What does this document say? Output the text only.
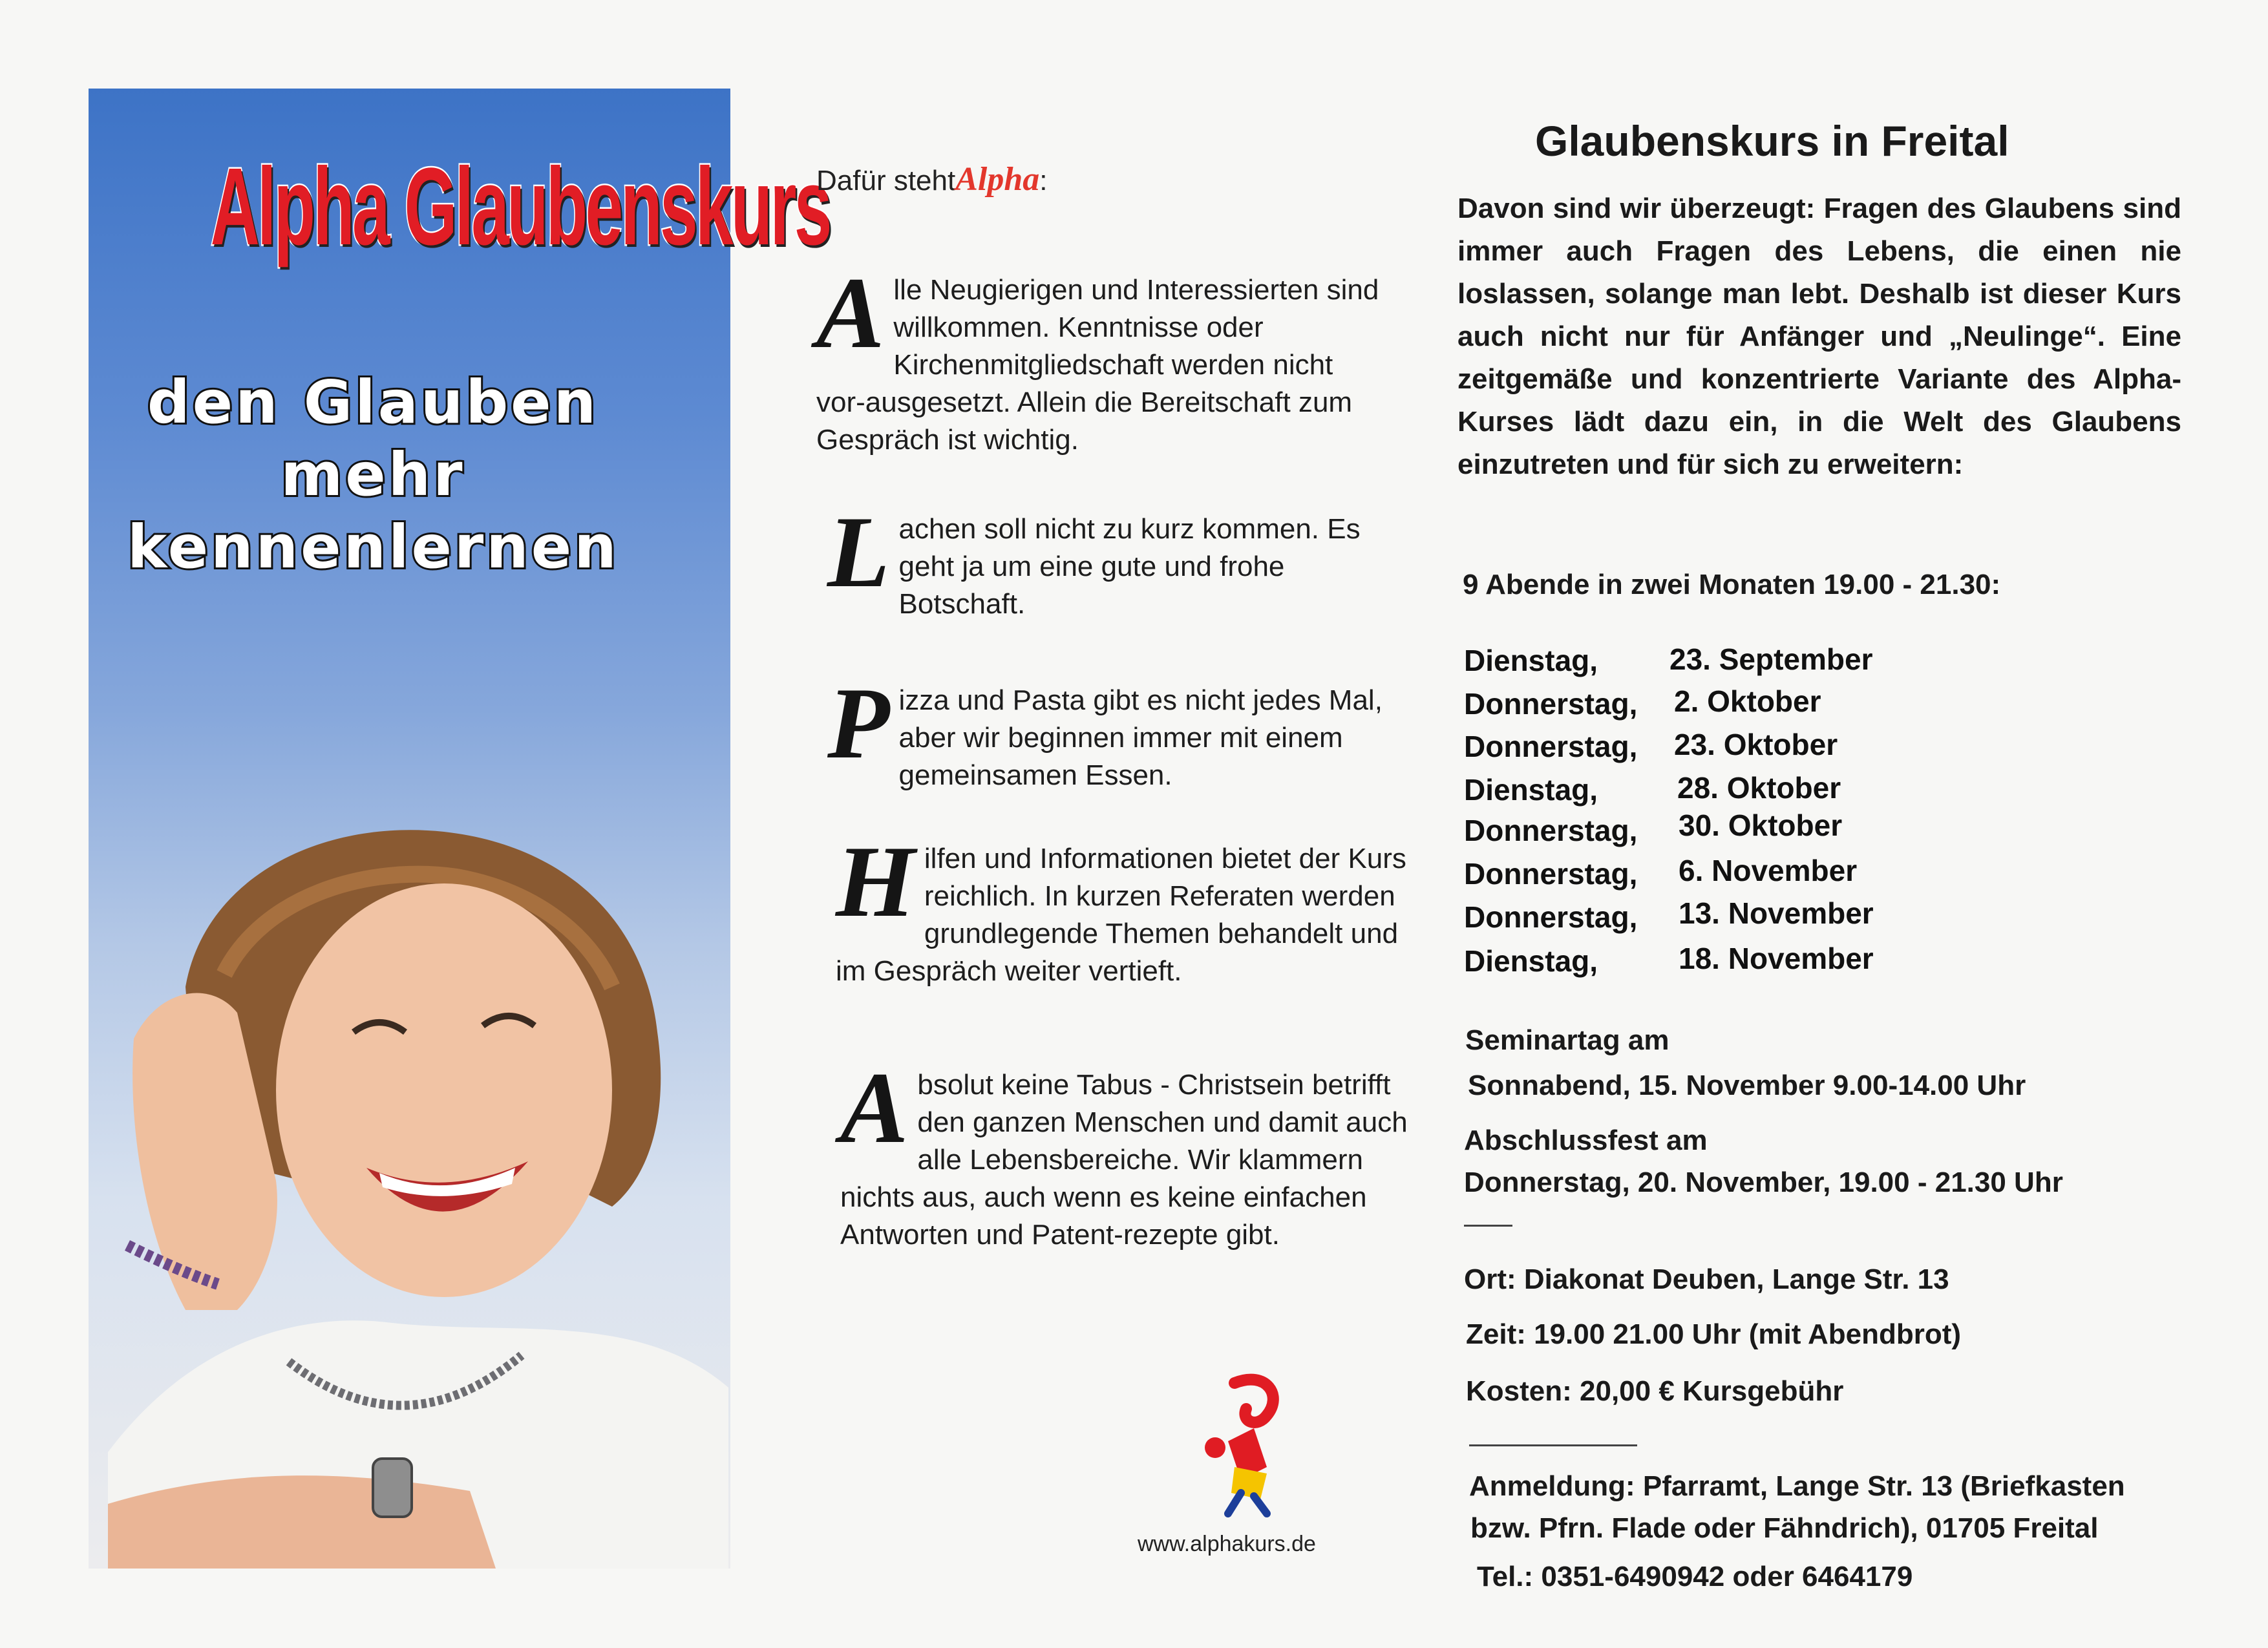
Alpha Glaubenskurs
den Glauben
mehr
kennenlernen
Dafür stehtAlpha:
A lle Neugierigen und Interessierten sind willkommen. Kenntnisse oder Kirchenmitgliedschaft werden nicht vor-ausgesetzt. Allein die Bereitschaft zum Gespräch ist wichtig.
L achen soll nicht zu kurz kommen. Es geht ja um eine gute und frohe Botschaft.
P izza und Pasta gibt es nicht jedes Mal, aber wir beginnen immer mit einem gemeinsamen Essen.
H ilfen und Informationen bietet der Kurs reichlich. In kurzen Referaten werden grundlegende Themen behandelt und im Gespräch weiter vertieft.
A bsolut keine Tabus - Christsein betrifft den ganzen Menschen und damit auch alle Lebensbereiche. Wir klammern nichts aus, auch wenn es keine einfachen Antworten und Patent-rezepte gibt.
www.alphakurs.de
Glaubenskurs in Freital
Davon sind wir überzeugt: Fragen des Glaubens sind immer auch Fragen des Lebens, die einen nie loslassen, solange man lebt. Deshalb ist dieser Kurs auch nicht nur für Anfänger und „Neulinge“. Eine zeitgemäße und konzentrierte Variante des Alpha-Kurses lädt dazu ein, in die Welt des Glaubens einzutreten und für sich zu erweitern:
9 Abende in zwei Monaten 19.00 - 21.30:
Dienstag, 23. September
Donnerstag, 2. Oktober
Donnerstag, 23. Oktober
Dienstag,	28. Oktober
Donnerstag, 30. Oktober
Donnerstag, 6. November
Donnerstag, 13. November
Dienstag,	18. November
Seminartag am
Sonnabend, 15. November 9.00-14.00 Uhr
Abschlussfest am
Donnerstag, 20. November, 19.00 - 21.30 Uhr
Ort: Diakonat Deuben, Lange Str. 13
Zeit: 19.00 21.00 Uhr (mit Abendbrot)
Kosten: 20,00 € Kursgebühr
Anmeldung: Pfarramt, Lange Str. 13 (Briefkasten
bzw. Pfrn. Flade oder Fähndrich), 01705 Freital
Tel.: 0351-6490942 oder 6464179
